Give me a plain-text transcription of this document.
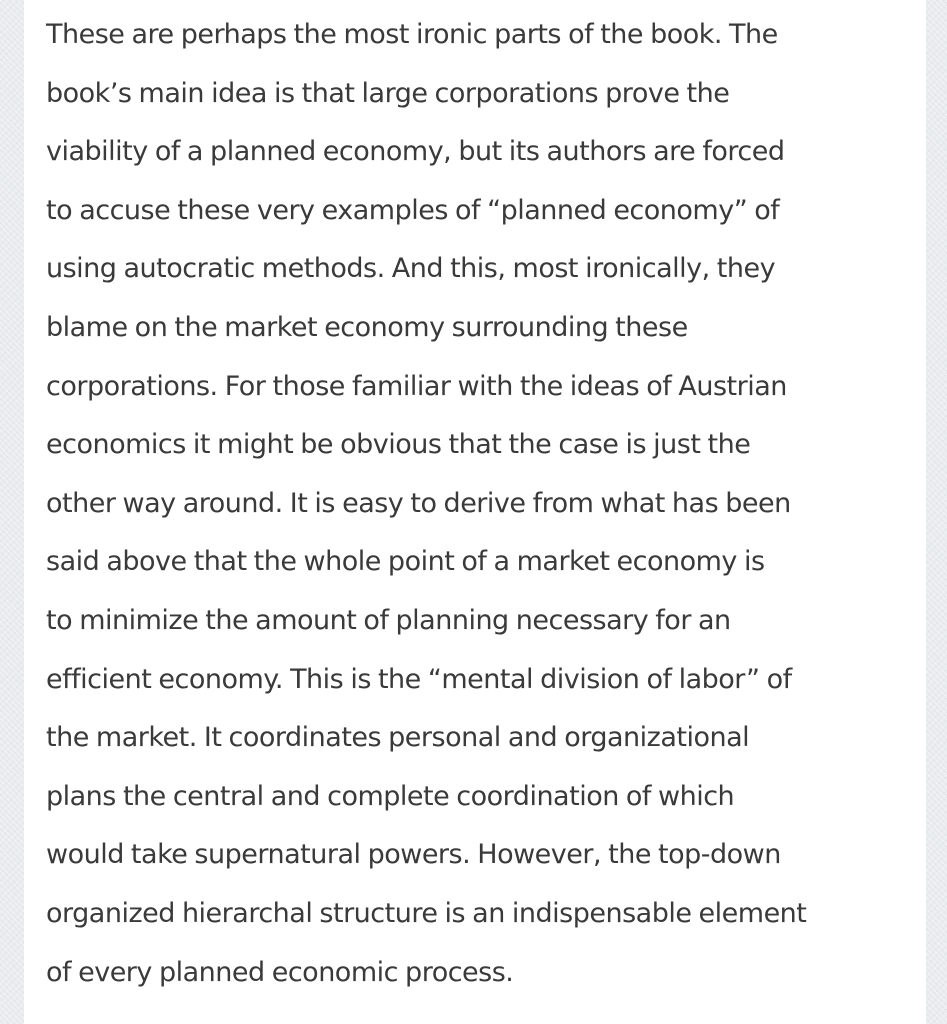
These are perhaps the most ironic parts of the book. The
book’s main idea is that large corporations prove the
viability of a planned economy, but its authors are forced
to accuse these very examples of “planned economy” of
using autocratic methods. And this, most ironically, they
blame on the market economy surrounding these
corporations. For those familiar with the ideas of Austrian
economics it might be obvious that the case is just the
other way around. It is easy to derive from what has been
said above that the whole point of a market economy is
to minimize the amount of planning necessary for an
efficient economy. This is the “mental division of labor” of
the market. It coordinates personal and organizational
plans the central and complete coordination of which
would take supernatural powers. However, the top-down
organized hierarchal structure is an indispensable element
of every planned economic process.
